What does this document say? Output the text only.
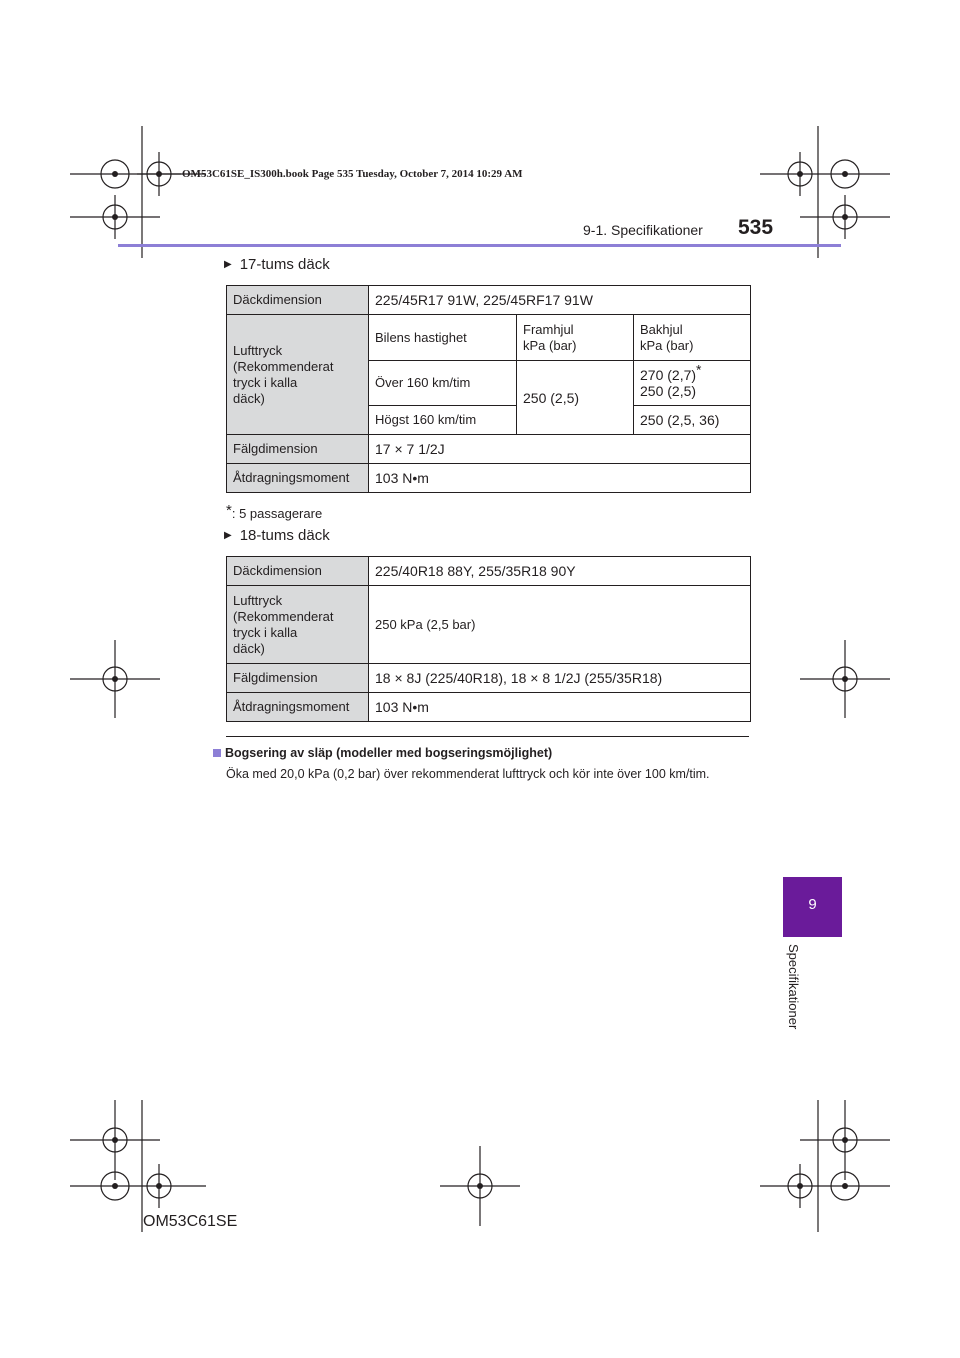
OM53C61SE_IS300h.book Page 535 Tuesday, October 7, 2014 10:29 AM
9-1. Specifikationer 535
9
Specifikationer
▶ 17-tums däck
Däckdimension	225/45R17 91W, 225/45RF17 91W		
Lufttryck
(Rekommenderat
tryck i kalla
däck)	Bilens hastighet	Framhjul
kPa (bar)	Bakhjul
kPa (bar)
	Över 160 km/tim	250 (2,5)	270 (2,7)*
250 (2,5)
	Högst 160 km/tim		250 (2,5, 36)
Fälgdimension	17 × 7 1/2J		
Åtdragningsmoment	103 N•m		
*: 5 passagerare
▶ 18-tums däck
Däckdimension	225/40R18 88Y, 255/35R18 90Y
Lufttryck
(Rekommenderat
tryck i kalla
däck)	250 kPa (2,5 bar)
Fälgdimension	18 × 8J (225/40R18), 18 × 8 1/2J (255/35R18)
Åtdragningsmoment	103 N•m
Bogsering av släp (modeller med bogseringsmöjlighet)
Öka med 20,0 kPa (0,2 bar) över rekommenderat lufttryck och kör inte över 100 km/tim.
OM53C61SE
